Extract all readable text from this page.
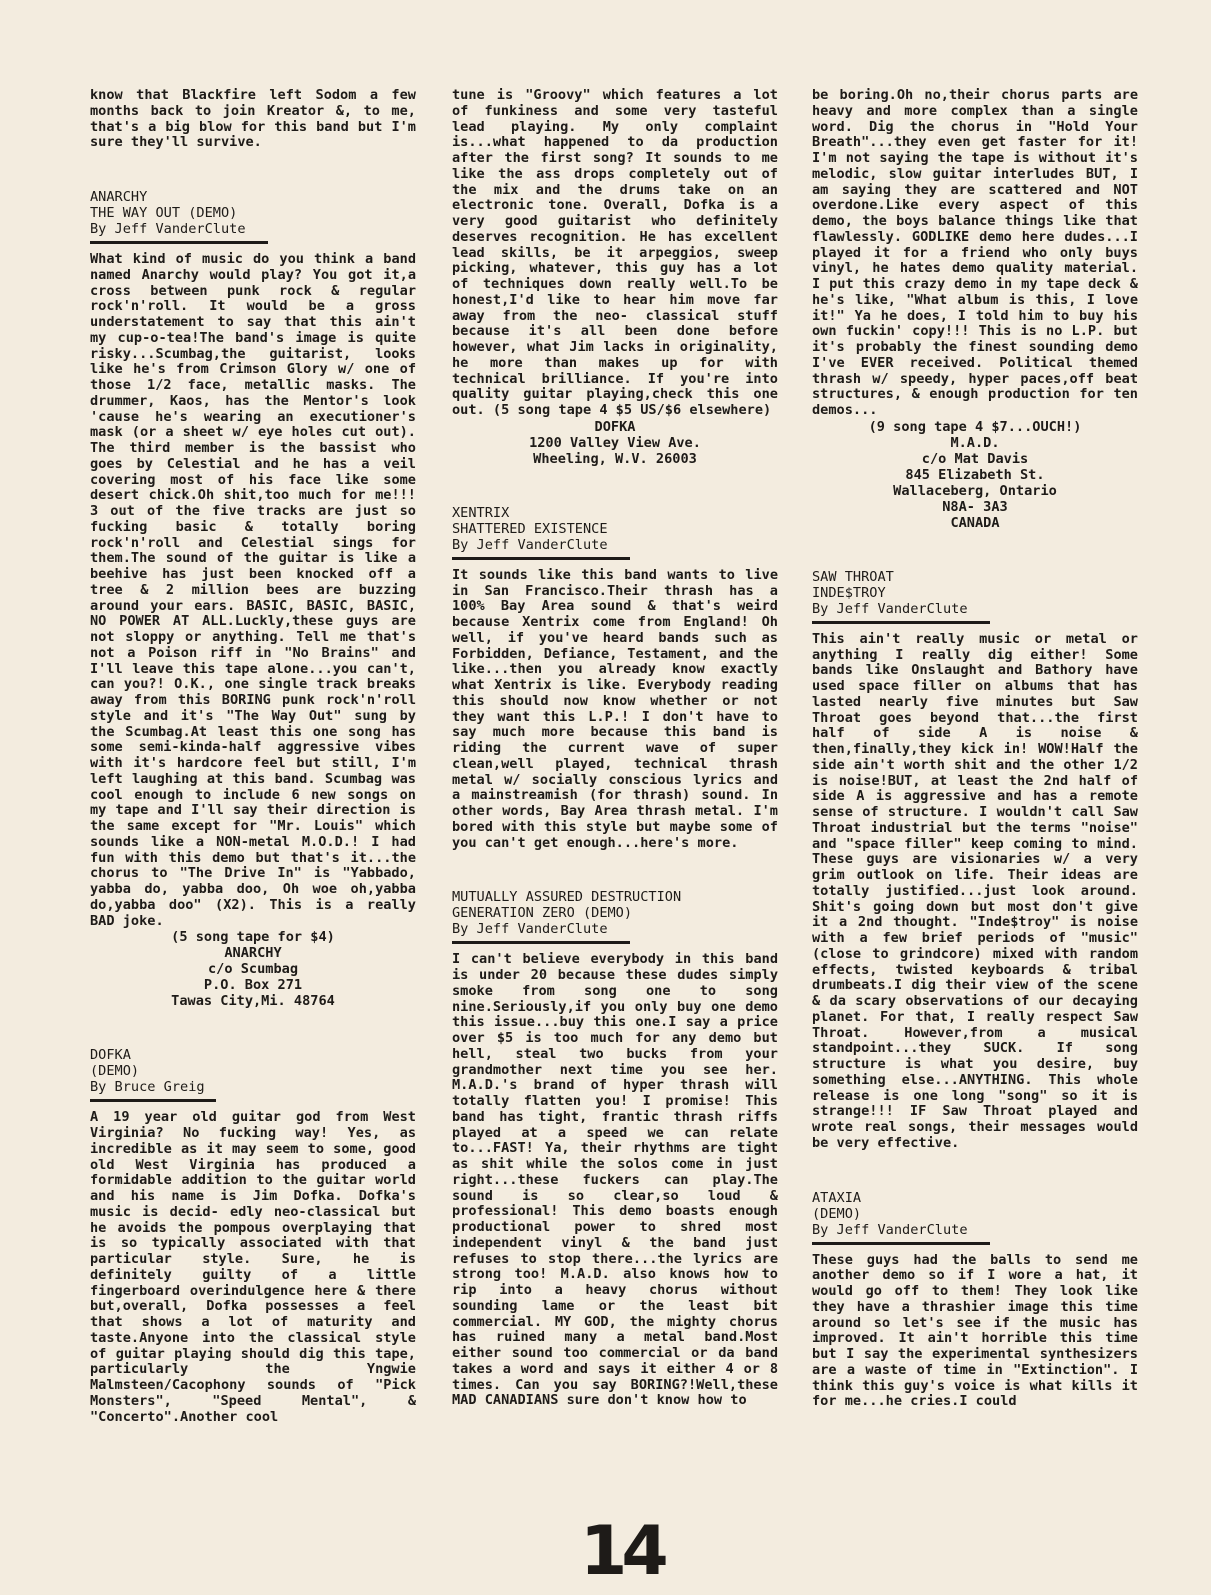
know that Blackfire left Sodom a few months back to join Kreator &, to me, that's a big blow for this band but I'm sure they'll survive.

ANARCHY
THE WAY OUT (DEMO)
By Jeff VanderClute

What kind of music do you think a band named Anarchy would play? You got it,a cross between punk rock & regular rock'n'roll. It would be a gross understatement to say that this ain't my cup-o-tea!The band's image is quite risky...Scumbag,the guitarist, looks like he's from Crimson Glory w/ one of those 1/2 face, metallic masks. The drummer, Kaos, has the Mentor's look 'cause he's wearing an executioner's mask (or a sheet w/ eye holes cut out). The third member is the bassist who goes by Celestial and he has a veil covering most of his face like some desert chick.Oh shit,too much for me!!! 3 out of the five tracks are just so fucking basic & totally boring rock'n'roll and Celestial sings for them.The sound of the guitar is like a beehive has just been knocked off a tree & 2 million bees are buzzing around your ears. BASIC, BASIC, BASIC, NO POWER AT ALL.Luckly,these guys are not sloppy or anything. Tell me that's not a Poison riff in "No Brains" and I'll leave this tape alone...you can't, can you?! O.K., one single track breaks away from this BORING punk rock'n'roll style and it's "The Way Out" sung by the Scumbag.At least this one song has some semi-kinda-half aggressive vibes with it's hardcore feel but still, I'm left laughing at this band. Scumbag was cool enough to include 6 new songs on my tape and I'll say their direction is the same except for "Mr. Louis" which sounds like a NON-metal M.O.D.! I had fun with this demo but that's it...the chorus to "The Drive In" is "Yabbado, yabba do, yabba doo, Oh woe oh,yabba do,yabba doo" (X2). This is a really BAD joke.

(5 song tape for $4)
ANARCHY
c/o Scumbag
P.O. Box 271
Tawas City,Mi. 48764
DOFKA
(DEMO)
By Bruce Greig

A 19 year old guitar god from West Virginia? No fucking way! Yes, as incredible as it may seem to some, good old West Virginia has produced a formidable addition to the guitar world and his name is Jim Dofka. Dofka's music is decid- edly neo-classical but he avoids the pompous overplaying that is so typically associated with that particular style. Sure, he is definitely guilty of a little fingerboard overindulgence here & there but,overall, Dofka possesses a feel that shows a lot of maturity and taste.Anyone into the classical style of guitar playing should dig this tape, particularly the Yngwie Malmsteen/Cacophony sounds of "Pick Monsters", "Speed Mental", & "Concerto".Another cool

tune is "Groovy" which features a lot of funkiness and some very tasteful lead playing. My only complaint is...what happened to da production after the first song? It sounds to me like the ass drops completely out of the mix and the drums take on an electronic tone. Overall, Dofka is a very good guitarist who definitely deserves recognition. He has excellent lead skills, be it arpeggios, sweep picking, whatever, this guy has a lot of techniques down really well.To be honest,I'd like to hear him move far away from the neo- classical stuff because it's all been done before however, what Jim lacks in originality, he more than makes up for with technical brilliance. If you're into quality guitar playing,check this one out. (5 song tape 4 $5 US/$6 elsewhere)

DOFKA
1200 Valley View Ave.
Wheeling, W.V. 26003
XENTRIX
SHATTERED EXISTENCE
By Jeff VanderClute

It sounds like this band wants to live in San Francisco.Their thrash has a 100% Bay Area sound & that's weird because Xentrix come from England! Oh well, if you've heard bands such as Forbidden, Defiance, Testament, and the like...then you already know exactly what Xentrix is like. Everybody reading this should now know whether or not they want this L.P.! I don't have to say much more because this band is riding the current wave of super clean,well played, technical thrash metal w/ socially conscious lyrics and a mainstreamish (for thrash) sound. In other words, Bay Area thrash metal. I'm bored with this style but maybe some of you can't get enough...here's more.

MUTUALLY ASSURED DESTRUCTION
GENERATION ZERO (DEMO)
By Jeff VanderClute

I can't believe everybody in this band is under 20 because these dudes simply smoke from song one to song nine.Seriously,if you only buy one demo this issue...buy this one.I say a price over $5 is too much for any demo but hell, steal two bucks from your grandmother next time you see her. M.A.D.'s brand of hyper thrash will totally flatten you! I promise! This band has tight, frantic thrash riffs played at a speed we can relate to...FAST! Ya, their rhythms are tight as shit while the solos come in just right...these fuckers can play.The sound is so clear,so loud & professional! This demo boasts enough productional power to shred most independent vinyl & the band just refuses to stop there...the lyrics are strong too! M.A.D. also knows how to rip into a heavy chorus without sounding lame or the least bit commercial. MY GOD, the mighty chorus has ruined many a metal band.Most either sound too commercial or da band takes a word and says it either 4 or 8 times. Can you say BORING?!Well,these MAD CANADIANS sure don't know how to

be boring.Oh no,their chorus parts are heavy and more complex than a single word. Dig the chorus in "Hold Your Breath"...they even get faster for it! I'm not saying the tape is without it's melodic, slow guitar interludes BUT, I am saying they are scattered and NOT overdone.Like every aspect of this demo, the boys balance things like that flawlessly. GODLIKE demo here dudes...I played it for a friend who only buys vinyl, he hates demo quality material. I put this crazy demo in my tape deck & he's like, "What album is this, I love it!" Ya he does, I told him to buy his own fuckin' copy!!! This is no L.P. but it's probably the finest sounding demo I've EVER received. Political themed thrash w/ speedy, hyper paces,off beat structures, & enough production for ten demos...

(9 song tape 4 $7...OUCH!)
M.A.D.
c/o Mat Davis
845 Elizabeth St.
Wallaceberg, Ontario
N8A- 3A3
CANADA
SAW THROAT
INDE$TROY
By Jeff VanderClute

This ain't really music or metal or anything I really dig either! Some bands like Onslaught and Bathory have used space filler on albums that has lasted nearly five minutes but Saw Throat goes beyond that...the first half of side A is noise & then,finally,they kick in! WOW!Half the side ain't worth shit and the other 1/2 is noise!BUT, at least the 2nd half of side A is aggressive and has a remote sense of structure. I wouldn't call Saw Throat industrial but the terms "noise" and "space filler" keep coming to mind. These guys are visionaries w/ a very grim outlook on life. Their ideas are totally justified...just look around. Shit's going down but most don't give it a 2nd thought. "Inde$troy" is noise with a few brief periods of "music" (close to grindcore) mixed with random effects, twisted keyboards & tribal drumbeats.I dig their view of the scene & da scary observations of our decaying planet. For that, I really respect Saw Throat. However,from a musical standpoint...they SUCK. If song structure is what you desire, buy something else...ANYTHING. This whole release is one long "song" so it is strange!!! IF Saw Throat played and wrote real songs, their messages would be very effective.

ATAXIA
(DEMO)
By Jeff VanderClute

These guys had the balls to send me another demo so if I wore a hat, it would go off to them! They look like they have a thrashier image this time around so let's see if the music has improved. It ain't horrible this time but I say the experimental synthesizers are a waste of time in "Extinction". I think this guy's voice is what kills it for me...he cries.I could

14
